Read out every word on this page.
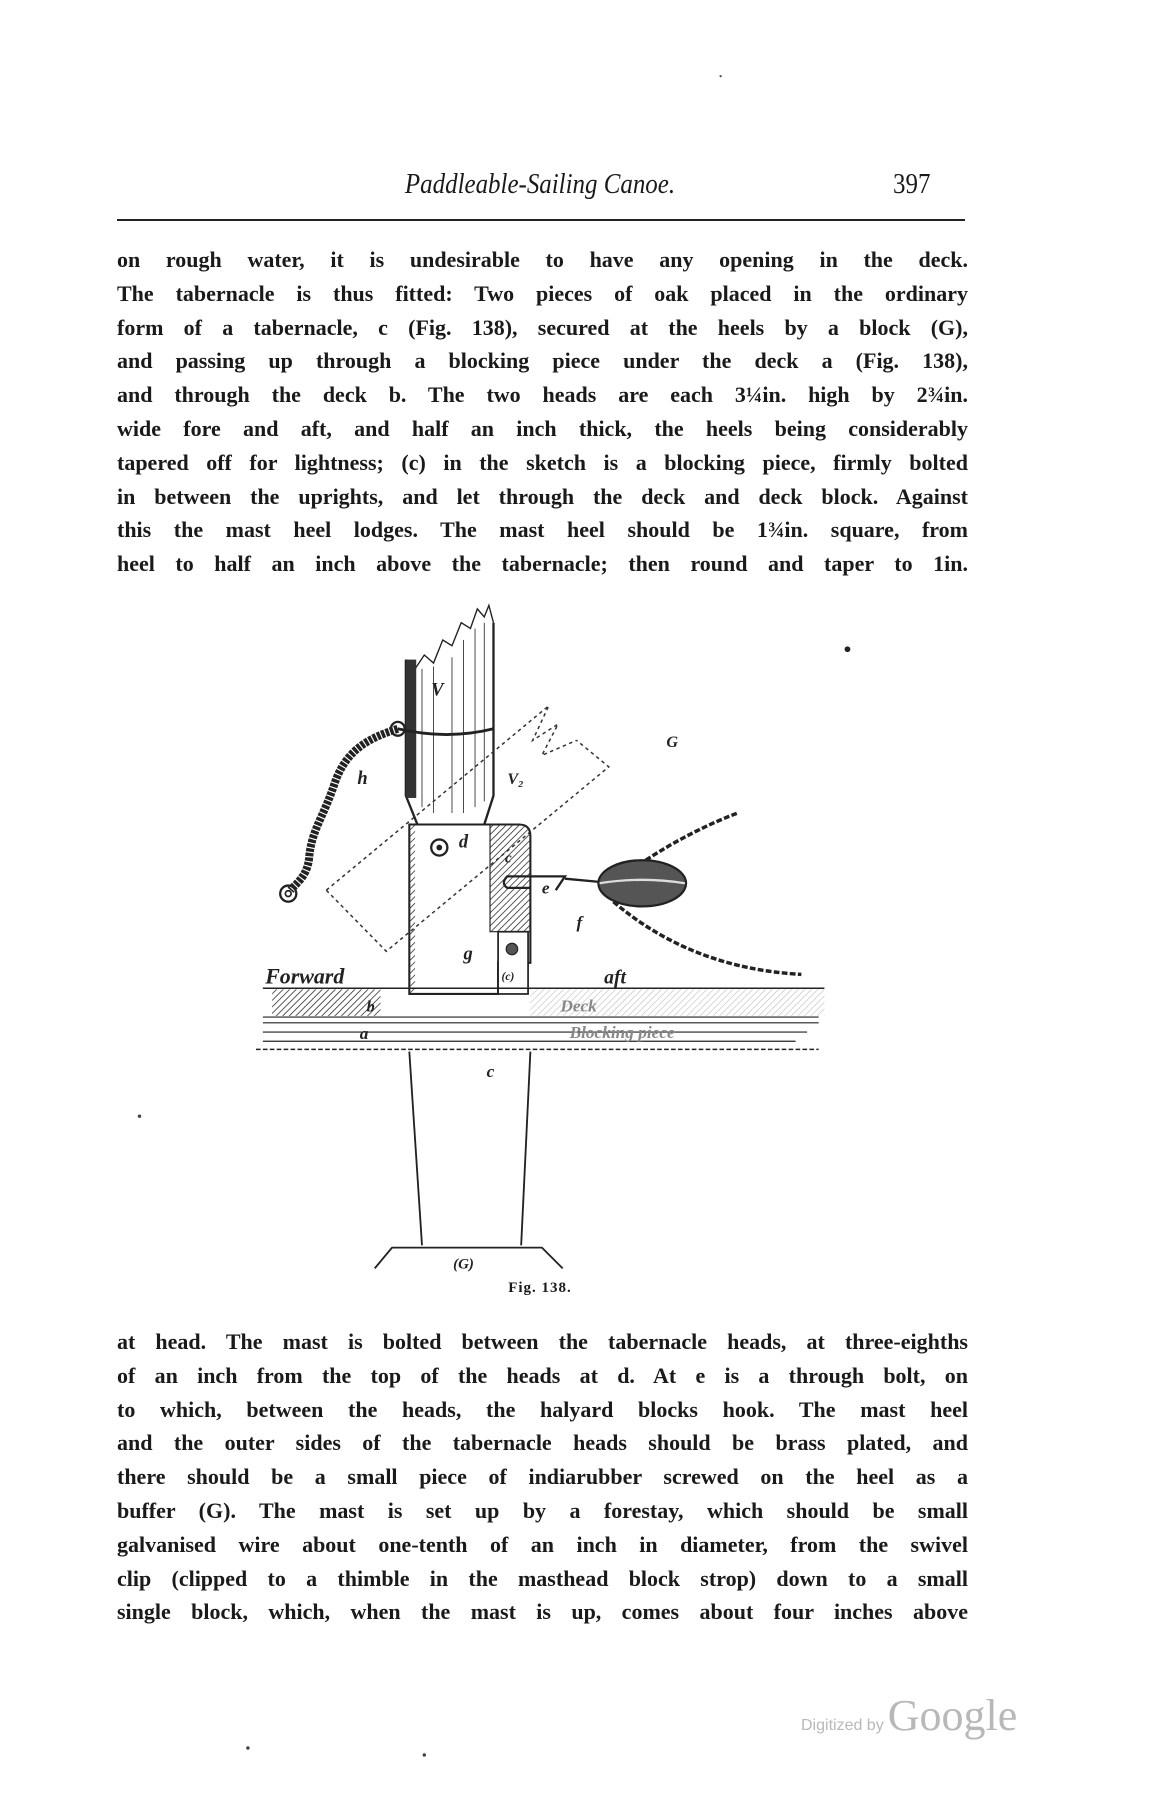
Paddleable-Sailing Canoe.	397
on rough water, it is undesirable to have any opening in the deck.
The tabernacle is thus fitted: Two pieces of oak placed in the ordinary
form of a tabernacle, c (Fig. 138), secured at the heels by a block (G),
and passing up through a blocking piece under the deck a (Fig. 138),
and through the deck b. The two heads are each 3¼in. high by 2¾in.
wide fore and aft, and half an inch thick, the heels being considerably
tapered off for lightness; (c) in the sketch is a blocking piece, firmly bolted
in between the uprights, and let through the deck and deck block. Against
this the mast heel lodges. The mast heel should be 1¾in. square, from
heel to half an inch above the tabernacle; then round and taper to 1in.
V
V₂
G
h
d
c
e
f
g
(c)
Forward	aft
b	Deck
a	Blocking piece
c
(G)
Fig. 138.
at head. The mast is bolted between the tabernacle heads, at three-eighths
of an inch from the top of the heads at d. At e is a through bolt, on
to which, between the heads, the halyard blocks hook. The mast heel
and the outer sides of the tabernacle heads should be brass plated, and
there should be a small piece of indiarubber screwed on the heel as a
buffer (G). The mast is set up by a forestay, which should be small
galvanised wire about one-tenth of an inch in diameter, from the swivel
clip (clipped to a thimble in the masthead block strop) down to a small
single block, which, when the mast is up, comes about four inches above
Digitized by Google
